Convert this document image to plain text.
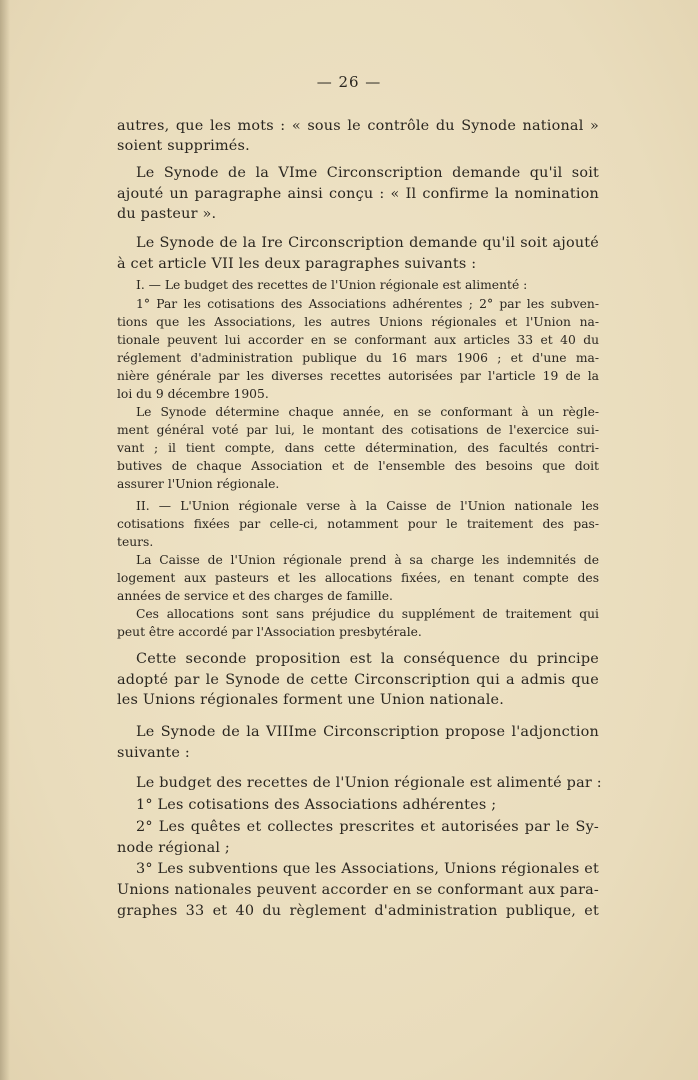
— 26 —
autres, que les mots : « sous le contrôle du Synode national »
soient supprimés.
Le Synode de la VIme Circonscription demande qu'il soit
ajouté un paragraphe ainsi conçu : « Il confirme la nomination
du pasteur ».
Le Synode de la Ire Circonscription demande qu'il soit ajouté
à cet article VII les deux paragraphes suivants :
I. — Le budget des recettes de l'Union régionale est alimenté :
1° Par les cotisations des Associations adhérentes ; 2° par les subven-
tions que les Associations, les autres Unions régionales et l'Union na-
tionale peuvent lui accorder en se conformant aux articles 33 et 40 du
réglement d'administration publique du 16 mars 1906 ; et d'une ma-
nière générale par les diverses recettes autorisées par l'article 19 de la
loi du 9 décembre 1905.
Le Synode détermine chaque année, en se conformant à un règle-
ment général voté par lui, le montant des cotisations de l'exercice sui-
vant ; il tient compte, dans cette détermination, des facultés contri-
butives de chaque Association et de l'ensemble des besoins que doit
assurer l'Union régionale.
II. — L'Union régionale verse à la Caisse de l'Union nationale les
cotisations fixées par celle-ci, notamment pour le traitement des pas-
teurs.
La Caisse de l'Union régionale prend à sa charge les indemnités de
logement aux pasteurs et les allocations fixées, en tenant compte des
années de service et des charges de famille.
Ces allocations sont sans préjudice du supplément de traitement qui
peut être accordé par l'Association presbytérale.
Cette seconde proposition est la conséquence du principe
adopté par le Synode de cette Circonscription qui a admis que
les Unions régionales forment une Union nationale.
Le Synode de la VIIIme Circonscription propose l'adjonction
suivante :
Le budget des recettes de l'Union régionale est alimenté par :
1° Les cotisations des Associations adhérentes ;
2° Les quêtes et collectes prescrites et autorisées par le Sy-
node régional ;
3° Les subventions que les Associations, Unions régionales et
Unions nationales peuvent accorder en se conformant aux para-
graphes 33 et 40 du règlement d'administration publique, et
